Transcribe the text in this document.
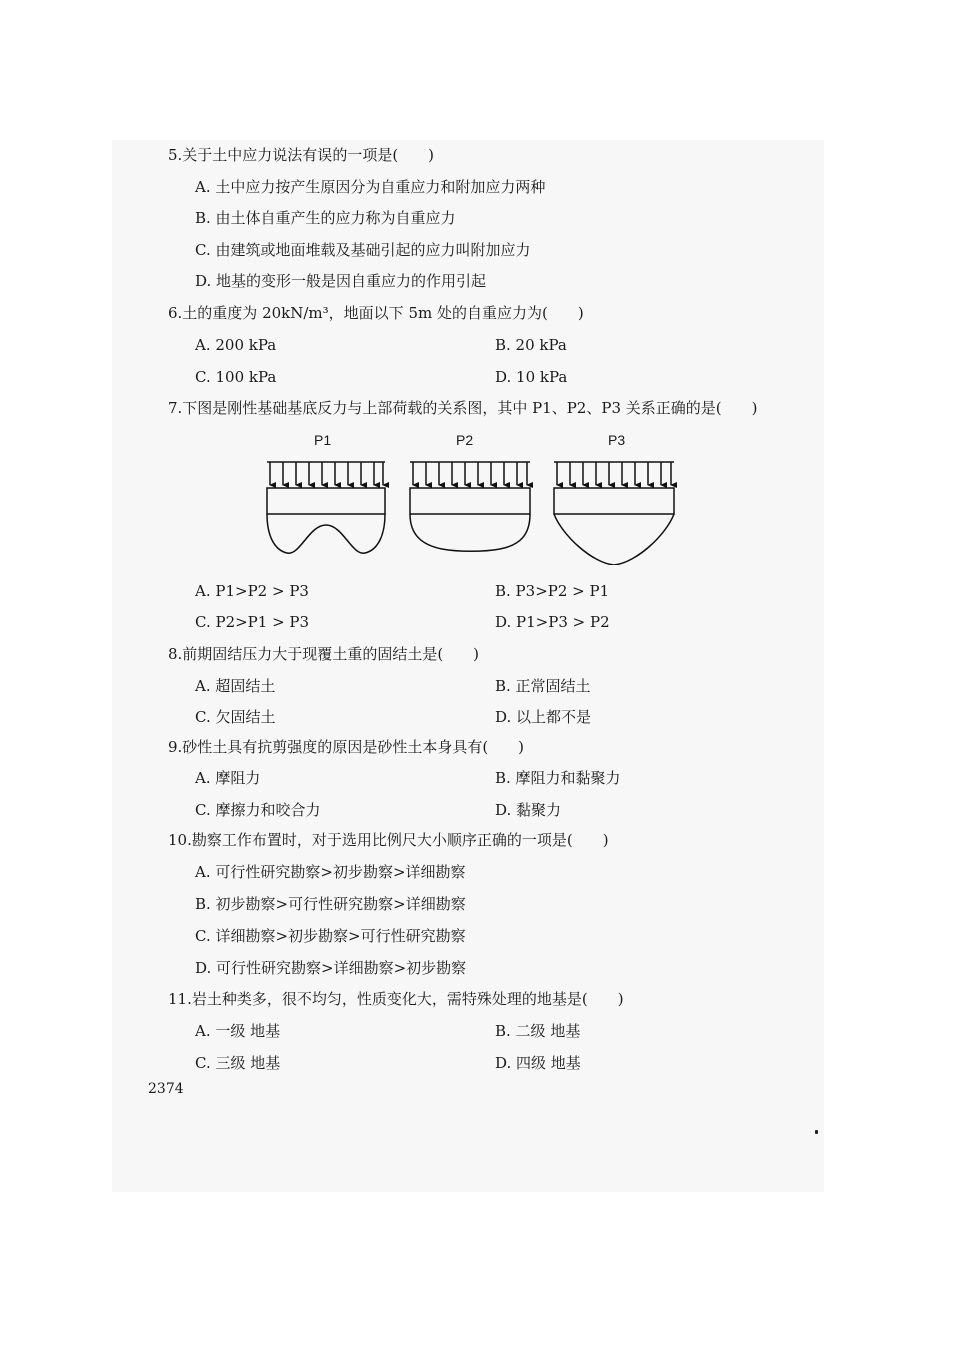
5.关于土中应力说法有误的一项是(　　)
A. 土中应力按产生原因分为自重应力和附加应力两种
B. 由土体自重产生的应力称为自重应力
C. 由建筑或地面堆载及基础引起的应力叫附加应力
D. 地基的变形一般是因自重应力的作用引起
6.土的重度为 20kN/m³，地面以下 5m 处的自重应力为(　　)
A. 200 kPa	B. 20 kPa
C. 100 kPa	D. 10 kPa
7.下图是刚性基础基底反力与上部荷载的关系图，其中 P1、P2、P3 关系正确的是(　　)
P1	P2	P3
A. P1>P2 > P3	B. P3>P2 > P1
C. P2>P1 > P3	D. P1>P3 > P2
8.前期固结压力大于现覆土重的固结土是(　　)
A. 超固结土	B. 正常固结土
C. 欠固结土	D. 以上都不是
9.砂性土具有抗剪强度的原因是砂性土本身具有(　　)
A. 摩阻力	B. 摩阻力和黏聚力
C. 摩擦力和咬合力	D. 黏聚力
10.勘察工作布置时，对于选用比例尺大小顺序正确的一项是(　　)
A. 可行性研究勘察>初步勘察>详细勘察
B. 初步勘察>可行性研究勘察>详细勘察
C. 详细勘察>初步勘察>可行性研究勘察
D. 可行性研究勘察>详细勘察>初步勘察
11.岩土种类多，很不均匀，性质变化大，需特殊处理的地基是(　　)
A. 一级 地基	B. 二级 地基
C. 三级 地基	D. 四级 地基
2374
